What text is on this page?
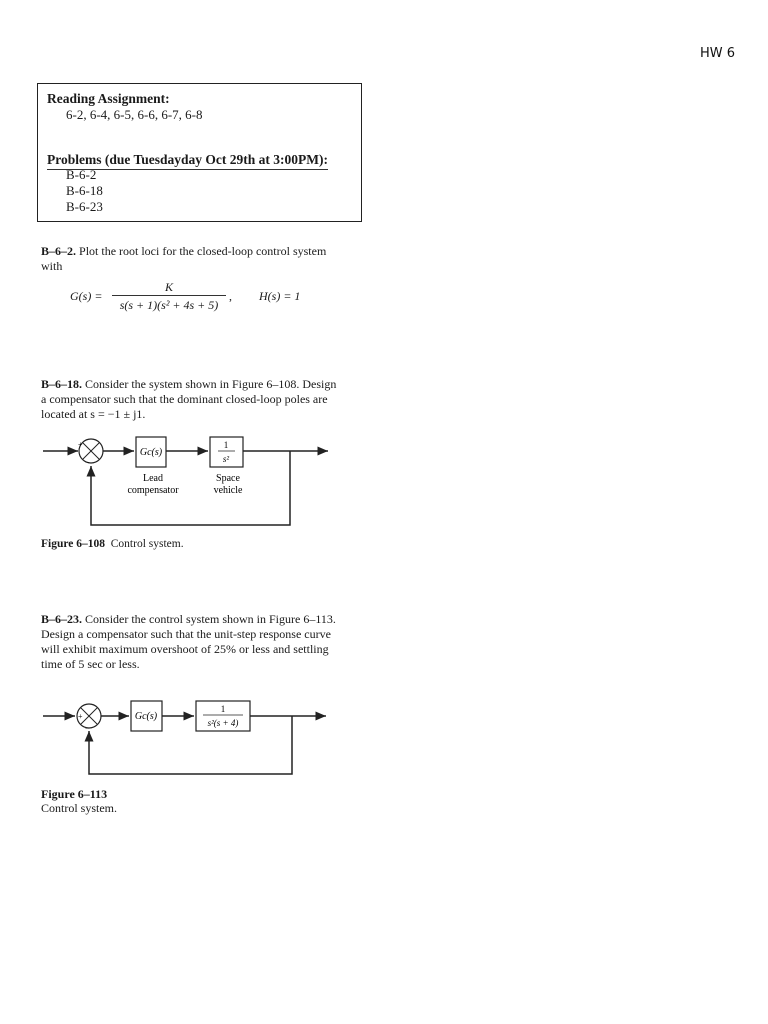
HW 6
Reading Assignment:
6-2, 6-4, 6-5, 6-6, 6-7, 6-8
Problems (due Tuesdayday Oct 29th at 3:00PM):
B-6-2
B-6-18
B-6-23
B–6–2. Plot the root loci for the closed-loop control system with
G(s) =
K
s(s + 1)(s² + 4s + 5)
, H(s) = 1
B–6–18. Consider the system shown in Figure 6–108. Design a compensator such that the dominant closed-loop poles are located at s = −1 ± j1.
+
−
Gc(s)
1
s²
Lead
compensator
Space
vehicle
+
−
Gc(s)
1
s²(s + 4)
Figure 6–108 Control system.
B–6–23. Consider the control system shown in Figure 6–113. Design a compensator such that the unit-step response curve will exhibit maximum overshoot of 25% or less and settling time of 5 sec or less.
Figure 6–113
Control system.
